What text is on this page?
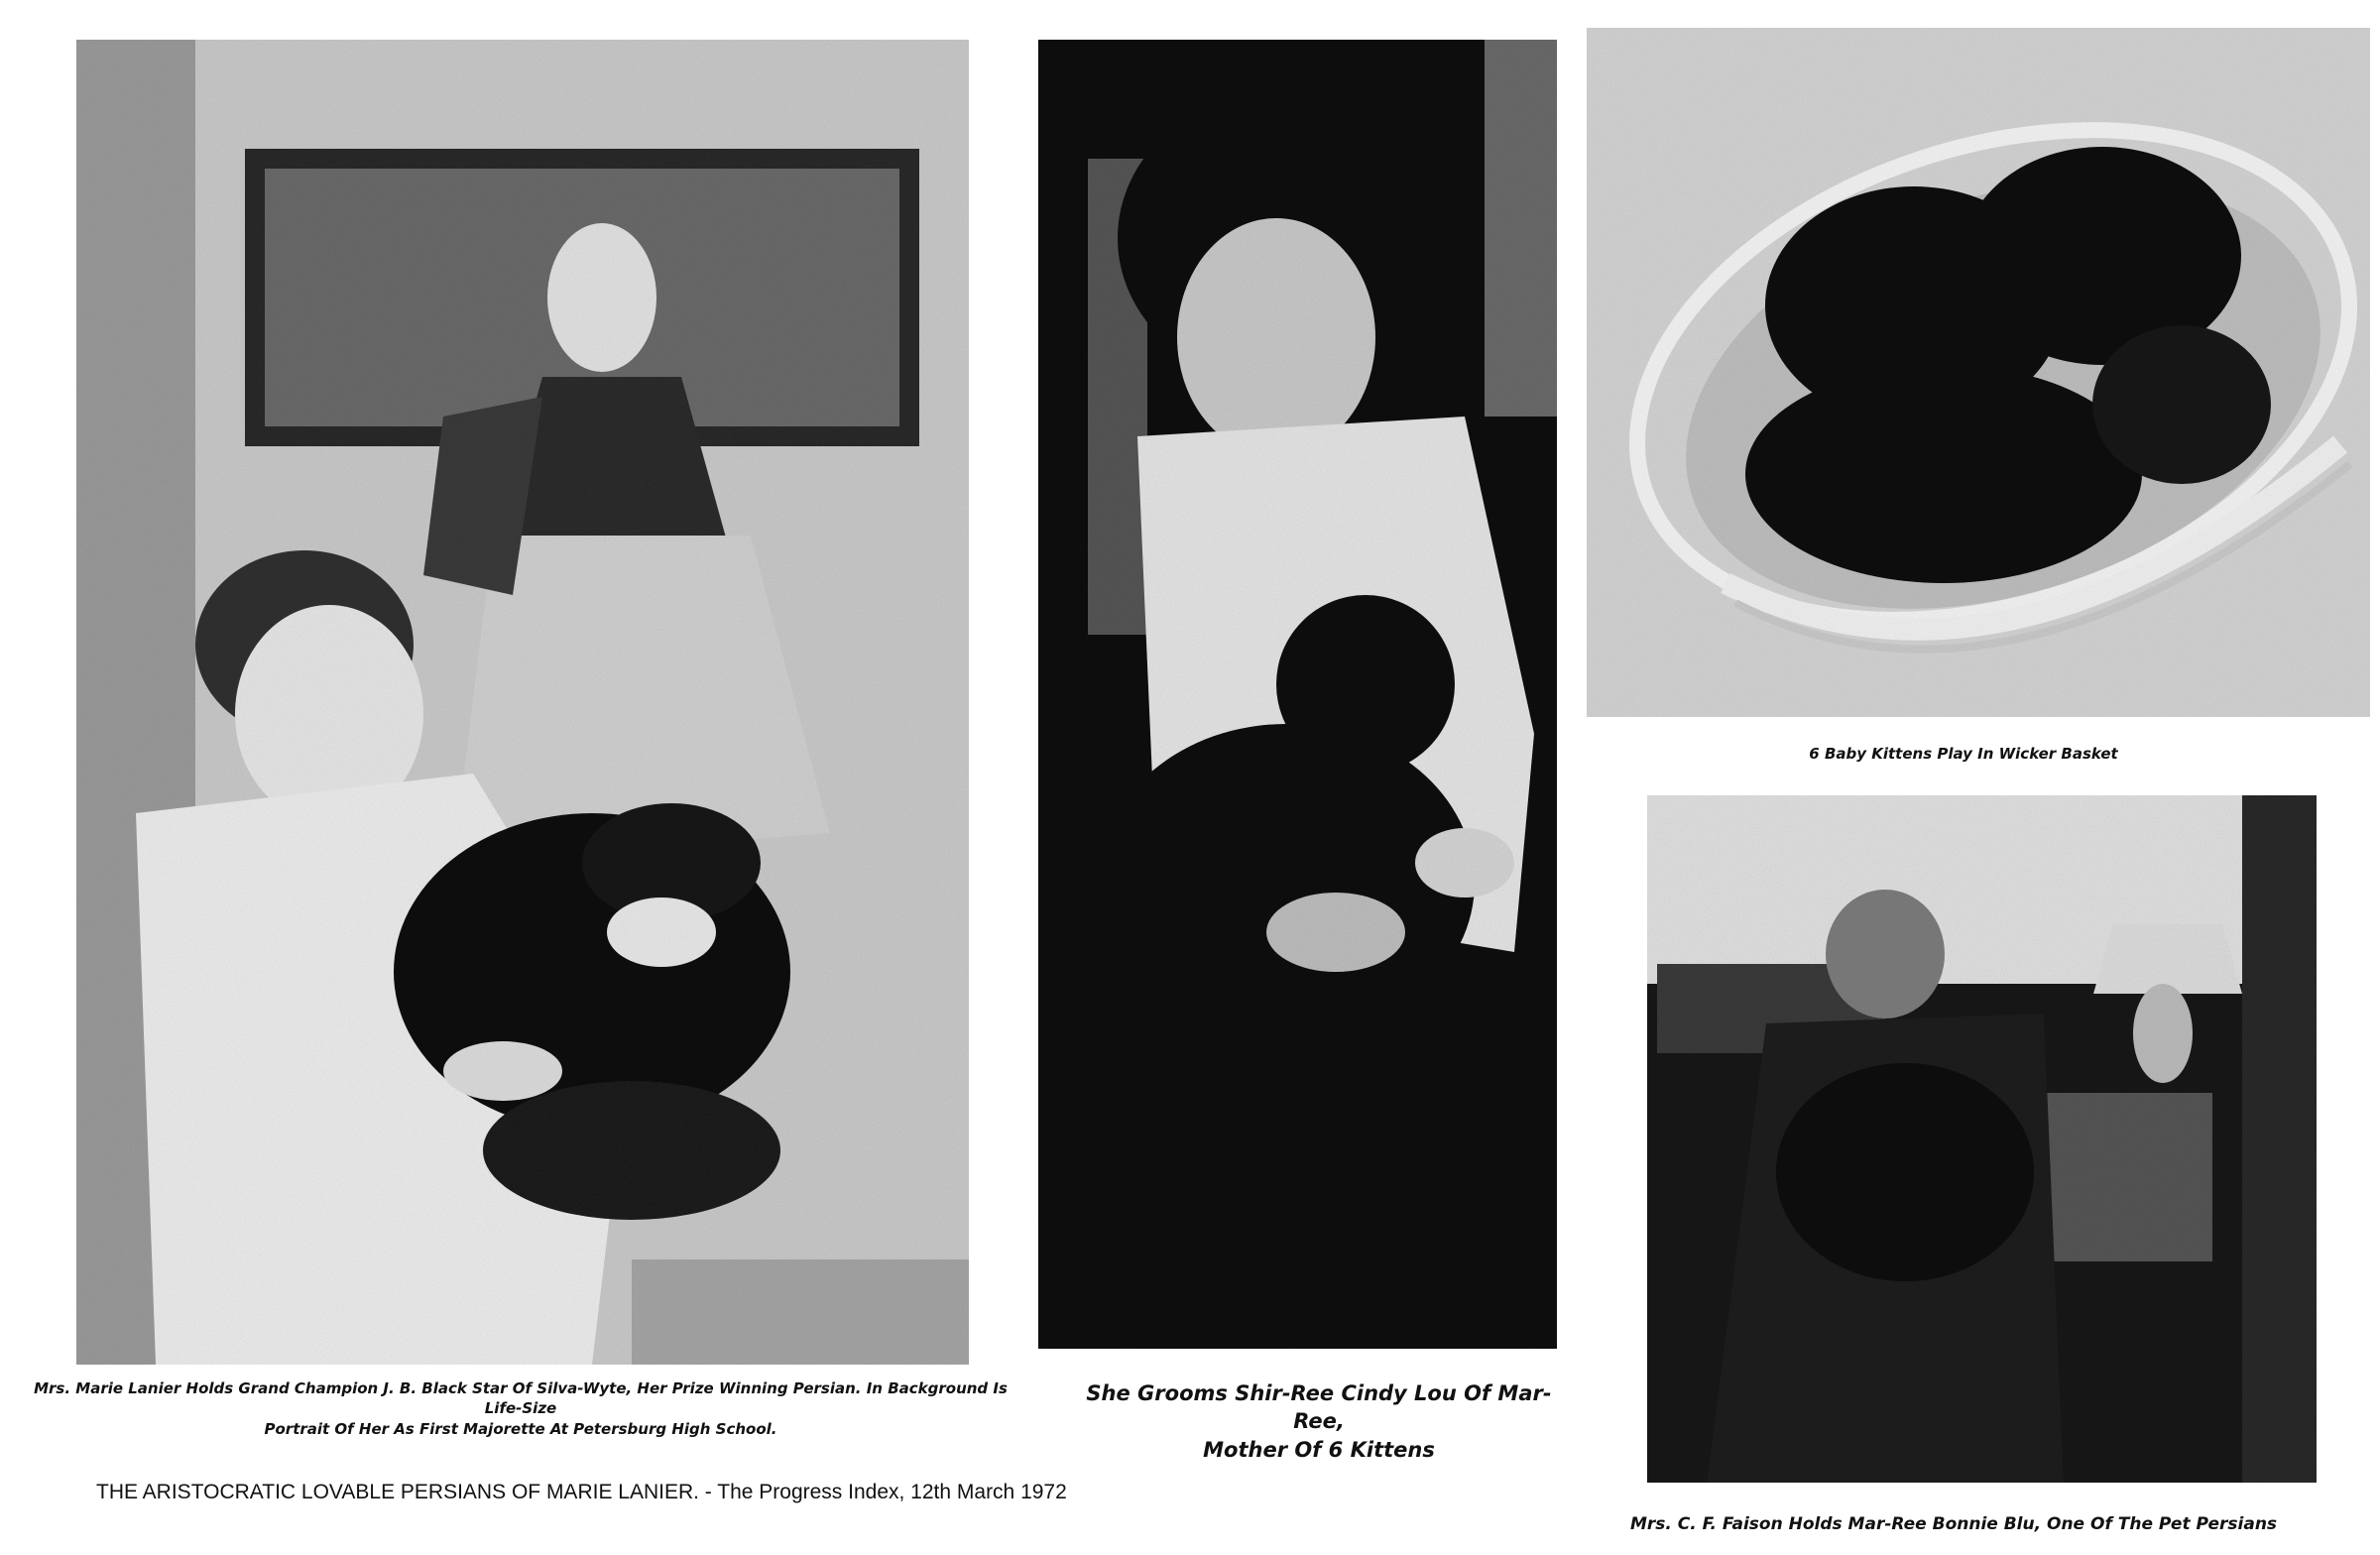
Mrs. Marie Lanier Holds Grand Champion J. B. Black Star Of Silva-Wyte, Her Prize Winning Persian. In Background Is Life-Size
Portrait Of Her As First Majorette At Petersburg High School.
She Grooms Shir-Ree Cindy Lou Of Mar-Ree,
Mother Of 6 Kittens
6 Baby Kittens Play In Wicker Basket
Mrs. C. F. Faison Holds Mar-Ree Bonnie Blu, One Of The Pet Persians
THE ARISTOCRATIC LOVABLE PERSIANS OF MARIE LANIER. - The Progress Index, 12th March 1972
